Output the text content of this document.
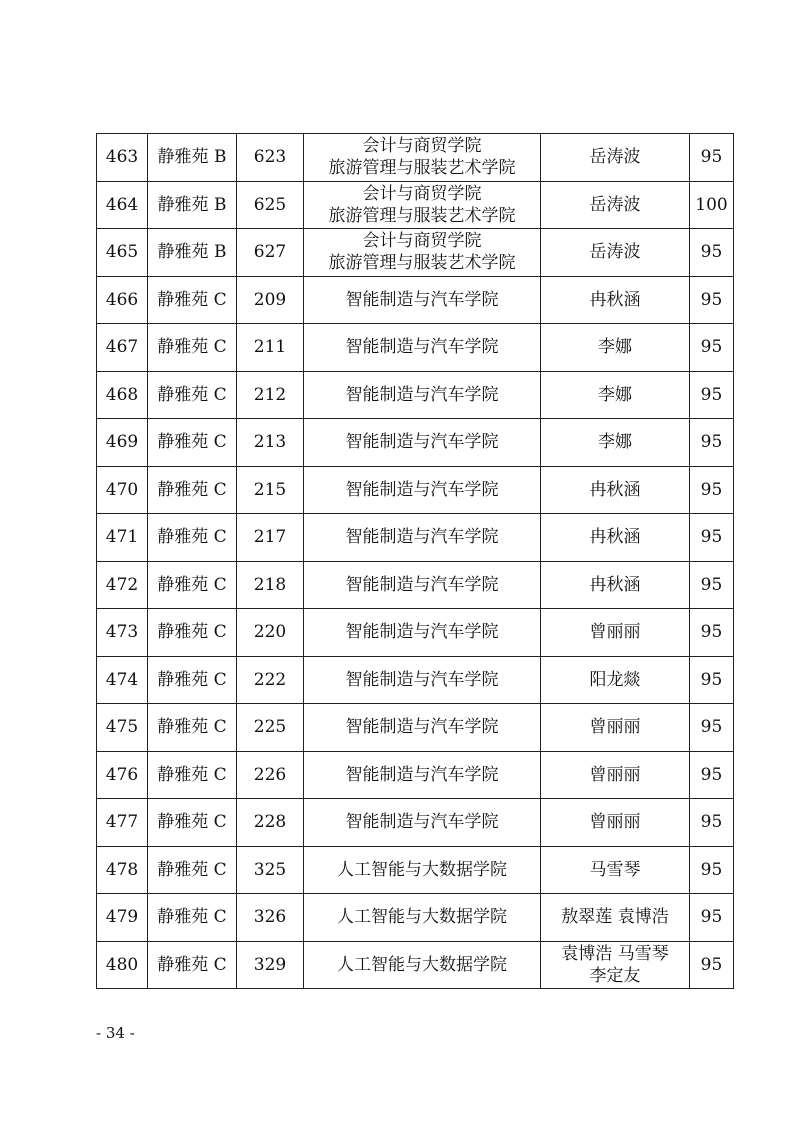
463	静雅苑 B	623	会计与商贸学院
旅游管理与服装艺术学院	岳涛波	95
464	静雅苑 B	625	会计与商贸学院
旅游管理与服装艺术学院	岳涛波	100
465	静雅苑 B	627	会计与商贸学院
旅游管理与服装艺术学院	岳涛波	95
466	静雅苑 C	209	智能制造与汽车学院	冉秋涵	95
467	静雅苑 C	211	智能制造与汽车学院	李娜	95
468	静雅苑 C	212	智能制造与汽车学院	李娜	95
469	静雅苑 C	213	智能制造与汽车学院	李娜	95
470	静雅苑 C	215	智能制造与汽车学院	冉秋涵	95
471	静雅苑 C	217	智能制造与汽车学院	冉秋涵	95
472	静雅苑 C	218	智能制造与汽车学院	冉秋涵	95
473	静雅苑 C	220	智能制造与汽车学院	曾丽丽	95
474	静雅苑 C	222	智能制造与汽车学院	阳龙燚	95
475	静雅苑 C	225	智能制造与汽车学院	曾丽丽	95
476	静雅苑 C	226	智能制造与汽车学院	曾丽丽	95
477	静雅苑 C	228	智能制造与汽车学院	曾丽丽	95
478	静雅苑 C	325	人工智能与大数据学院	马雪琴	95
479	静雅苑 C	326	人工智能与大数据学院	敖翠莲 袁博浩	95
480	静雅苑 C	329	人工智能与大数据学院	袁博浩 马雪琴
李定友	95
- 34 -
